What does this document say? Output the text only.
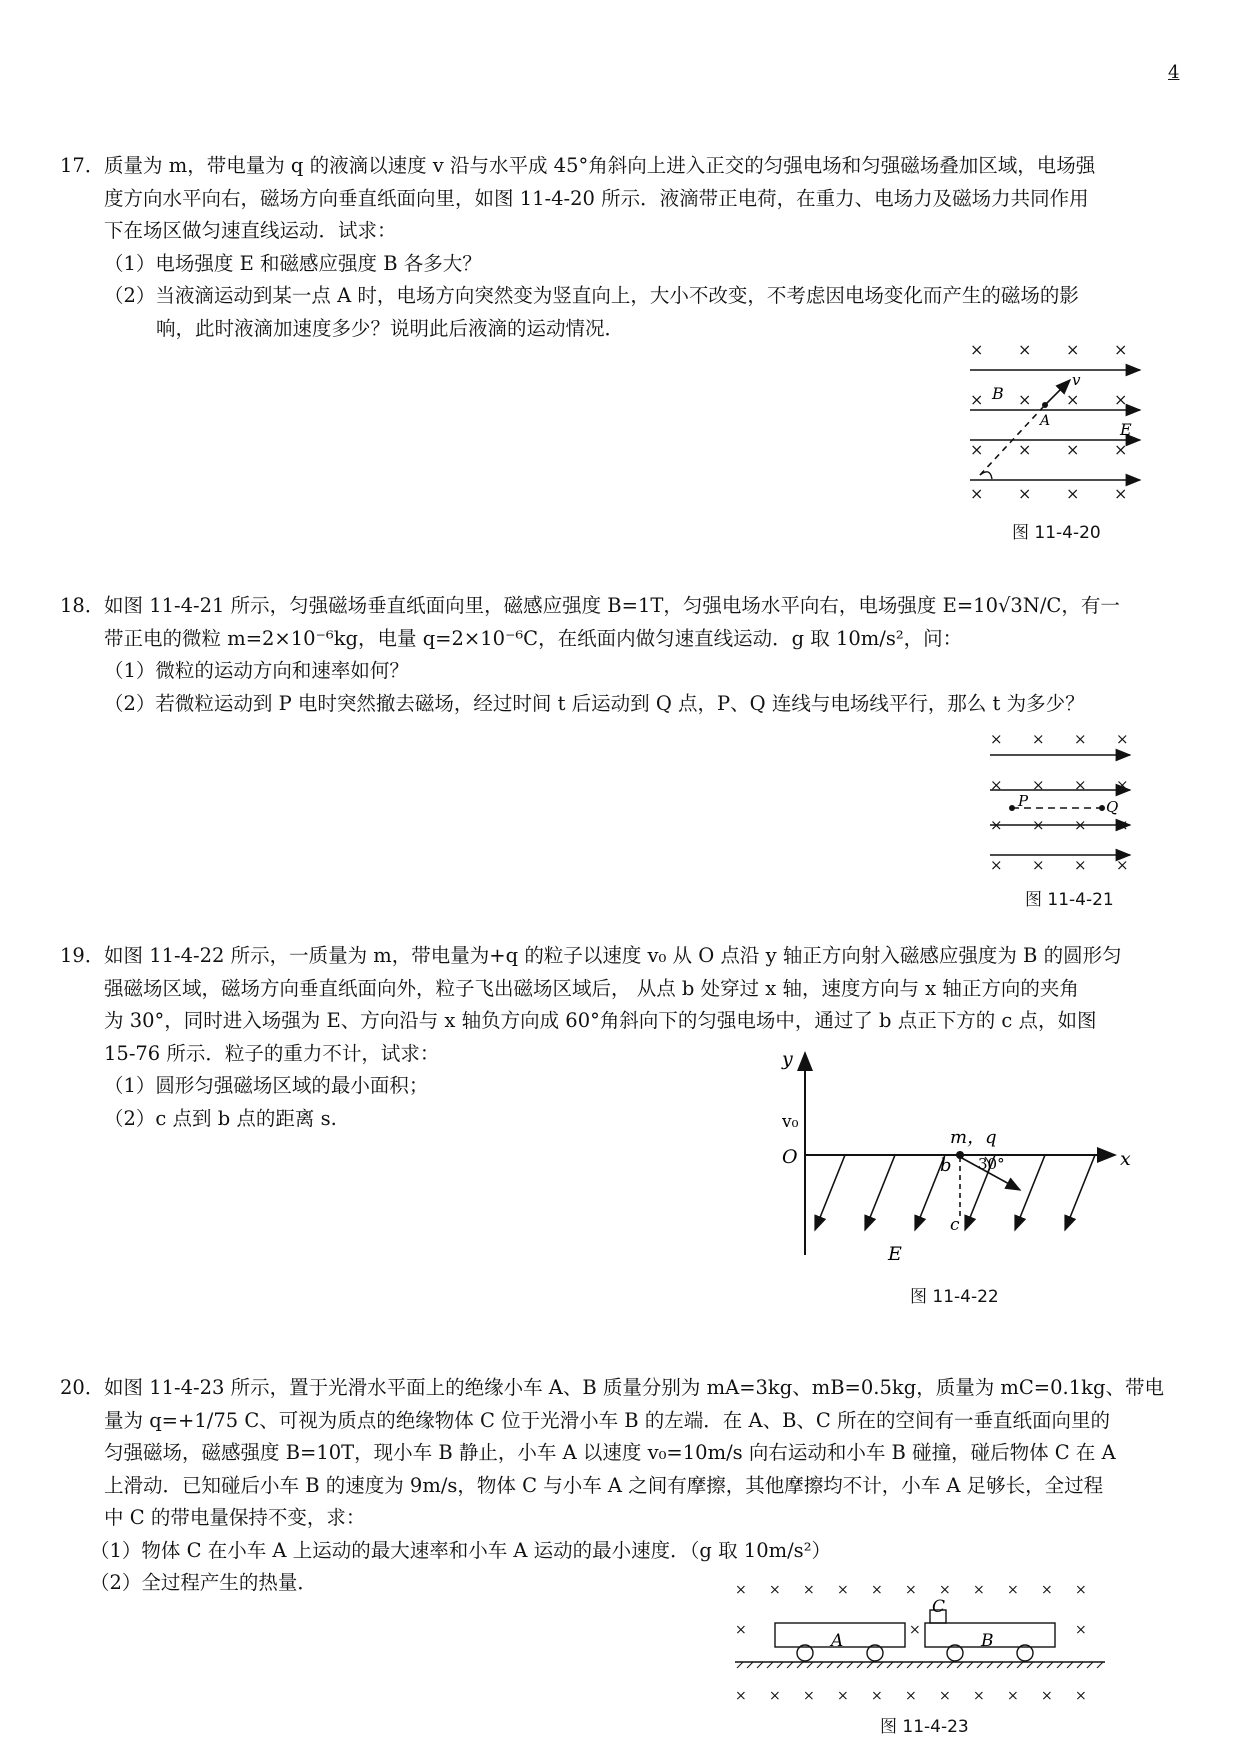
4
17． 质量为 m，带电量为 q 的液滴以速度 v 沿与水平成 45°角斜向上进入正交的匀强电场和匀强磁场叠加区域，电场强
度方向水平向右，磁场方向垂直纸面向里，如图 11-4-20 所示．液滴带正电荷，在重力、电场力及磁场力共同作用
下在场区做匀速直线运动．试求：
（1）电场强度 E 和磁感应强度 B 各多大？
（2）当液滴运动到某一点 A 时，电场方向突然变为竖直向上，大小不改变，不考虑因电场变化而产生的磁场的影
响，此时液滴加速度多少？说明此后液滴的运动情况．
× × × ×
× × × ×
× × × ×
× × × ×
B
v
A	E
图 11-4-20
18． 如图 11-4-21 所示，匀强磁场垂直纸面向里，磁感应强度 B=1T，匀强电场水平向右，电场强度 E=10√3N/C，有一
带正电的微粒 m=2×10⁻⁶kg，电量 q=2×10⁻⁶C，在纸面内做匀速直线运动．g 取 10m/s²，问：
（1）微粒的运动方向和速率如何？
（2）若微粒运动到 P 电时突然撤去磁场，经过时间 t 后运动到 Q 点，P、Q 连线与电场线平行，那么 t 为多少？
× × × ×
× × × ×
× × × ×
× × × ×
P	Q
图 11-4-21
19． 如图 11-4-22 所示，一质量为 m，带电量为+q 的粒子以速度 v₀ 从 O 点沿 y 轴正方向射入磁感应强度为 B 的圆形匀
强磁场区域，磁场方向垂直纸面向外，粒子飞出磁场区域后， 从点 b 处穿过 x 轴，速度方向与 x 轴正方向的夹角
为 30°，同时进入场强为 E、方向沿与 x 轴负方向成 60°角斜向下的匀强电场中，通过了 b 点正下方的 c 点，如图
15-76 所示．粒子的重力不计，试求：
（1）圆形匀强磁场区域的最小面积；
（2）c 点到 b 点的距离 s.
y
v₀
O	x
m，q
b 30°
c
E
图 11-4-22
20． 如图 11-4-23 所示，置于光滑水平面上的绝缘小车 A、B 质量分别为 mA=3kg、mB=0.5kg，质量为 mC=0.1kg、带电
量为 q=+1/75 C、可视为质点的绝缘物体 C 位于光滑小车 B 的左端．在 A、B、C 所在的空间有一垂直纸面向里的
匀强磁场，磁感强度 B=10T，现小车 B 静止，小车 A 以速度 v₀=10m/s 向右运动和小车 B 碰撞，碰后物体 C 在 A
上滑动．已知碰后小车 B 的速度为 9m/s，物体 C 与小车 A 之间有摩擦，其他摩擦均不计，小车 A 足够长，全过程
中 C 的带电量保持不变，求：
（1）物体 C 在小车 A 上运动的最大速率和小车 A 运动的最小速度．（g 取 10m/s²）
（2）全过程产生的热量．	× × × × × × × × × × ×
×	×	×
× × × × × × × × × × ×
A	B
C
图 11-4-23
